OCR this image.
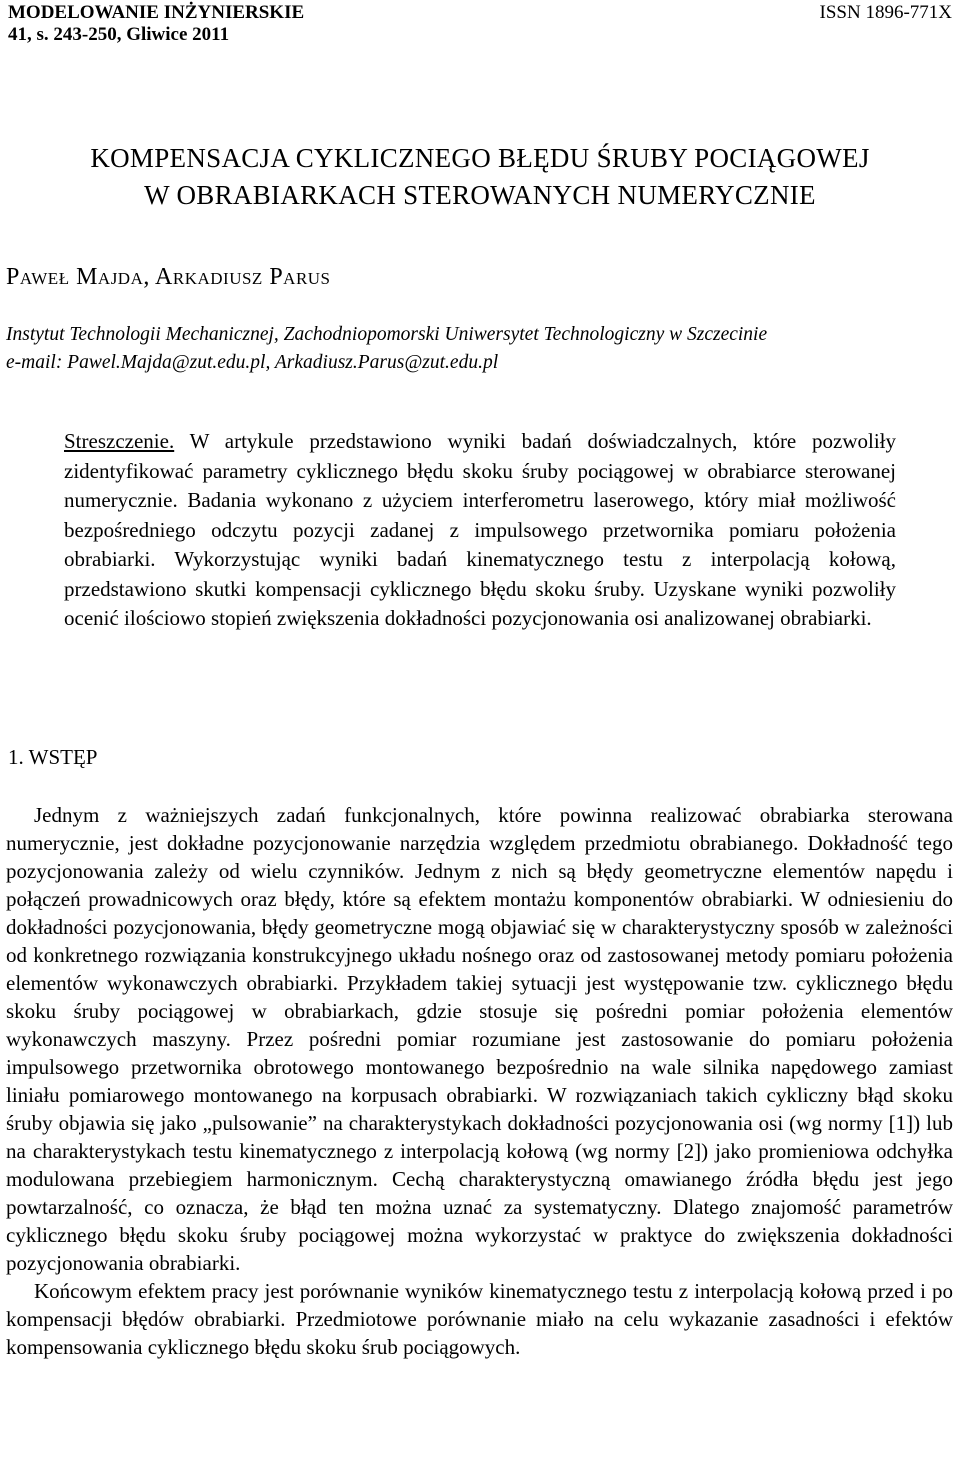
MODELOWANIE INŻYNIERSKIE
41, s. 243-250, Gliwice 2011
ISSN 1896-771X
KOMPENSACJA CYKLICZNEGO BŁĘDU ŚRUBY POCIĄGOWEJ
W OBRABIARKACH STEROWANYCH NUMERYCZNIE
Paweł Majda, Arkadiusz Parus
Instytut Technologii Mechanicznej, Zachodniopomorski Uniwersytet Technologiczny w Szczecinie
e-mail: Pawel.Majda@zut.edu.pl, Arkadiusz.Parus@zut.edu.pl
Streszczenie. W artykule przedstawiono wyniki badań doświadczalnych, które pozwoliły zidentyfikować parametry cyklicznego błędu skoku śruby pociągowej w obrabiarce sterowanej numerycznie. Badania wykonano z użyciem interferometru laserowego, który miał możliwość bezpośredniego odczytu pozycji zadanej z impulsowego przetwornika pomiaru położenia obrabiarki. Wykorzystując wyniki badań kinematycznego testu z interpolacją kołową, przedstawiono skutki kompensacji cyklicznego błędu skoku śruby. Uzyskane wyniki pozwoliły ocenić ilościowo stopień zwiększenia dokładności pozycjonowania osi analizowanej obrabiarki.
1. WSTĘP

Jednym z ważniejszych zadań funkcjonalnych, które powinna realizować obrabiarka sterowana numerycznie, jest dokładne pozycjonowanie narzędzia względem przedmiotu obrabianego. Dokładność tego pozycjonowania zależy od wielu czynników. Jednym z nich są błędy geometryczne elementów napędu i połączeń prowadnicowych oraz błędy, które są efektem montażu komponentów obrabiarki. W odniesieniu do dokładności pozycjonowania, błędy geometryczne mogą objawiać się w charakterystyczny sposób w zależności od konkretnego rozwiązania konstrukcyjnego układu nośnego oraz od zastosowanej metody pomiaru położenia elementów wykonawczych obrabiarki. Przykładem takiej sytuacji jest występowanie tzw. cyklicznego błędu skoku śruby pociągowej w obrabiarkach, gdzie stosuje się pośredni pomiar położenia elementów wykonawczych maszyny. Przez pośredni pomiar rozumiane jest zastosowanie do pomiaru położenia impulsowego przetwornika obrotowego montowanego bezpośrednio na wale silnika napędowego zamiast liniału pomiarowego montowanego na korpusach obrabiarki. W rozwiązaniach takich cykliczny błąd skoku śruby objawia się jako „pulsowanie” na charakterystykach dokładności pozycjonowania osi (wg normy [1]) lub na charakterystykach testu kinematycznego z interpolacją kołową (wg normy [2]) jako promieniowa odchyłka modulowana przebiegiem harmonicznym. Cechą charakterystyczną omawianego źródła błędu jest jego powtarzalność, co oznacza, że błąd ten można uznać za systematyczny. Dlatego znajomość parametrów cyklicznego błędu skoku śruby pociągowej można wykorzystać w praktyce do zwiększenia dokładności pozycjonowania obrabiarki.

Końcowym efektem pracy jest porównanie wyników kinematycznego testu z interpolacją kołową przed i po kompensacji błędów obrabiarki. Przedmiotowe porównanie miało na celu wykazanie zasadności i efektów kompensowania cyklicznego błędu skoku śrub pociągowych.
